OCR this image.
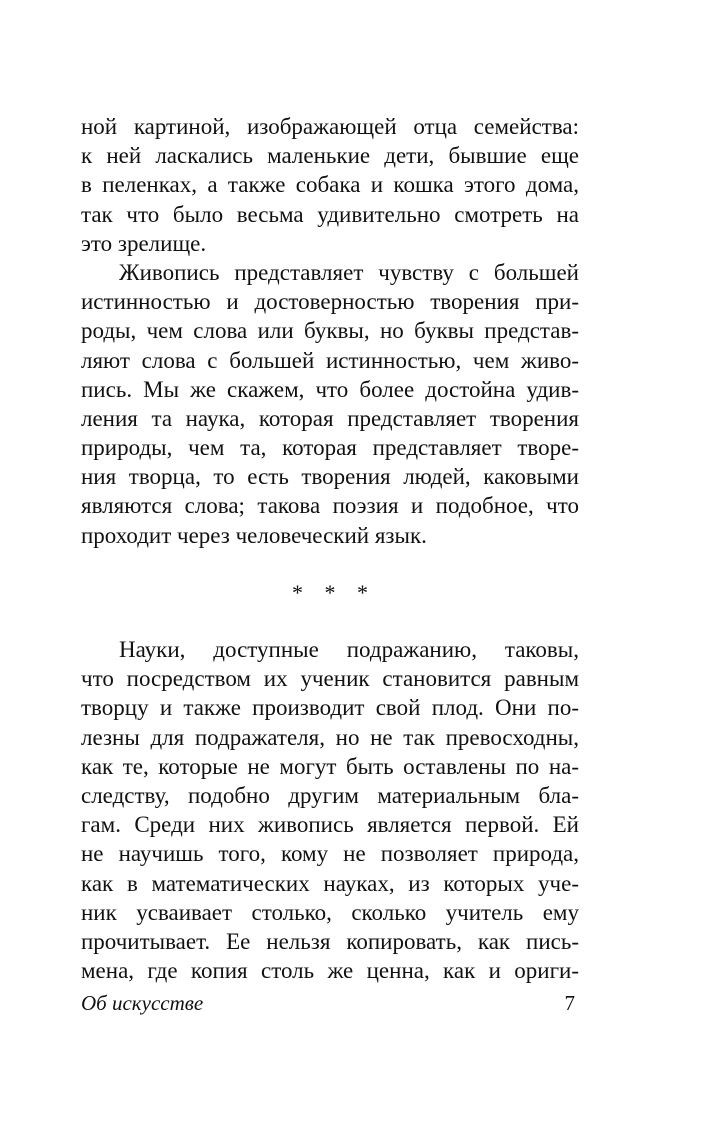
ной картиной, изображающей отца семейства:
к ней ласкались маленькие дети, бывшие еще
в пеленках, а также собака и кошка этого дома,
так что было весьма удивительно смотреть на
это зрелище.
Живопись представляет чувству с большей
истинностью и достоверностью творения при-
роды, чем слова или буквы, но буквы представ-
ляют слова с большей истинностью, чем живо-
пись. Мы же скажем, что более достойна удив-
ления та наука, которая представляет творения
природы, чем та, которая представляет творе-
ния творца, то есть творения людей, каковыми
являются слова; такова поэзия и подобное, что
проходит через человеческий язык.
* * *
Науки, доступные подражанию, таковы,
что посредством их ученик становится равным
творцу и также производит свой плод. Они по-
лезны для подражателя, но не так превосходны,
как те, которые не могут быть оставлены по на-
следству, подобно другим материальным бла-
гам. Среди них живопись является первой. Ей
не научишь того, кому не позволяет природа,
как в математических науках, из которых уче-
ник усваивает столько, сколько учитель ему
прочитывает. Ее нельзя копировать, как пись-
мена, где копия столь же ценна, как и ориги-
Об искусстве	7
